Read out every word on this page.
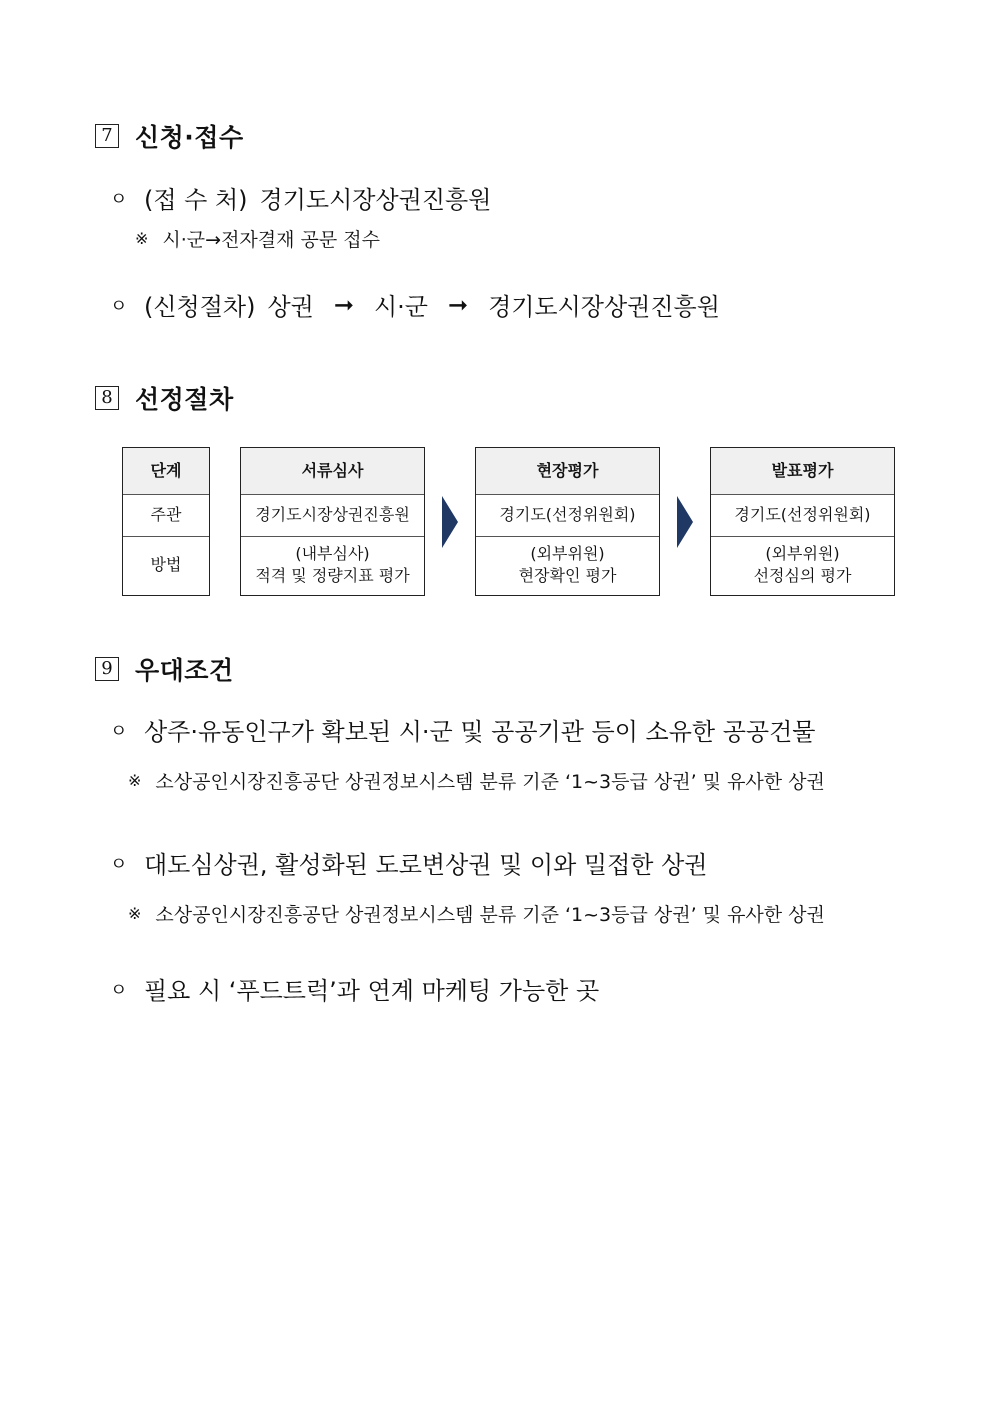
7 신청·접수
ㅇ (접 수 처) 경기도시장상권진흥원
※ 시·군→전자결재 공문 접수
ㅇ (신청절차) 상권 ➞ 시·군 ➞ 경기도시장상권진흥원
8 선정절차
단계
주관
방법
서류심사
경기도시장상권진흥원
(내부심사)
적격 및 정량지표 평가
현장평가
경기도(선정위원회)
(외부위원)
현장확인 평가
발표평가
경기도(선정위원회)
(외부위원)
선정심의 평가
9 우대조건
ㅇ 상주·유동인구가 확보된 시·군 및 공공기관 등이 소유한 공공건물
※ 소상공인시장진흥공단 상권정보시스템 분류 기준 ‘1~3등급 상권’ 및 유사한 상권
ㅇ 대도심상권, 활성화된 도로변상권 및 이와 밀접한 상권
※ 소상공인시장진흥공단 상권정보시스템 분류 기준 ‘1~3등급 상권’ 및 유사한 상권
ㅇ 필요 시 ‘푸드트럭’과 연계 마케팅 가능한 곳
